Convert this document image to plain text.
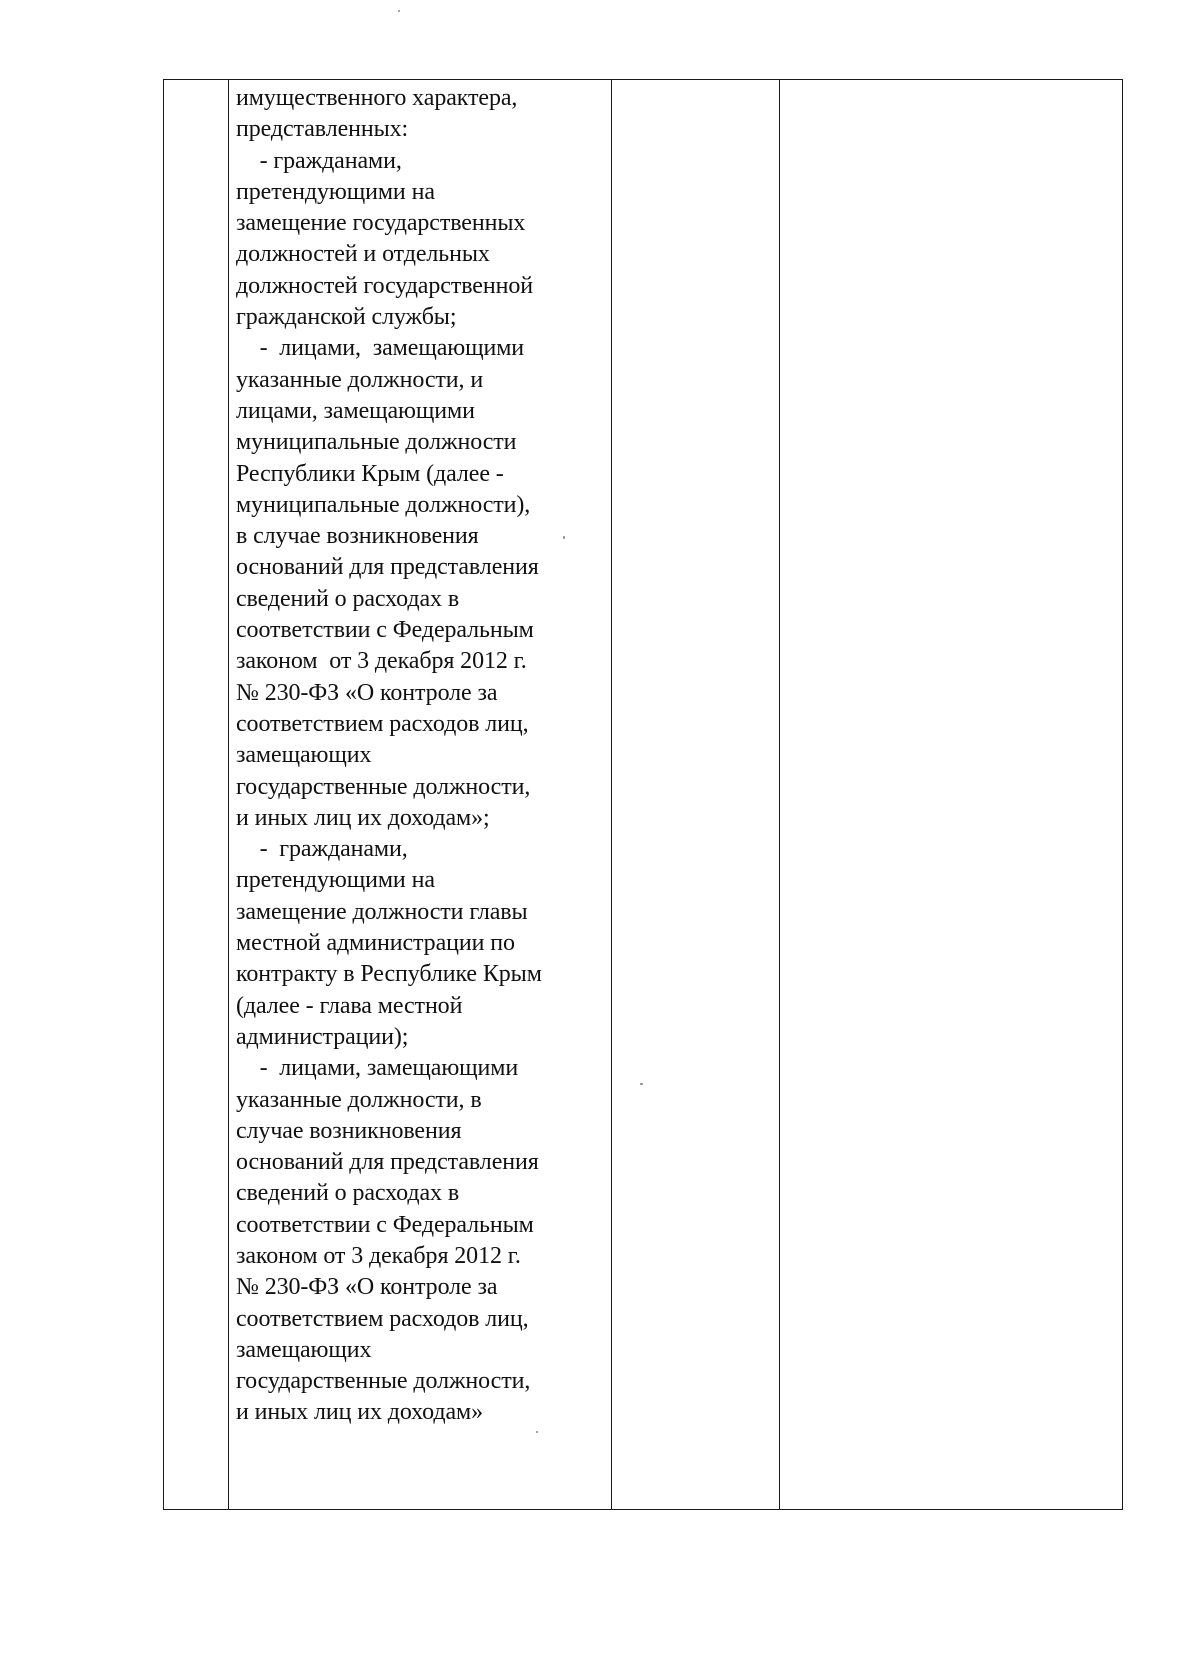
имущественного характера,
представленных:
- гражданами,
претендующими на
замещение государственных
должностей и отдельных
должностей государственной
гражданской службы;
-  лицами,  замещающими
указанные должности, и
лицами, замещающими
муниципальные должности
Республики Крым (далее -
муниципальные должности),
в случае возникновения
оснований для представления
сведений о расходах в
соответствии с Федеральным
законом  от 3 декабря 2012 г.
№ 230-ФЗ «О контроле за
соответствием расходов лиц,
замещающих
государственные должности,
и иных лиц их доходам»;
-  гражданами,
претендующими на
замещение должности главы
местной администрации по
контракту в Республике Крым
(далее - глава местной
администрации);
-  лицами, замещающими
указанные должности, в
случае возникновения
оснований для представления
сведений о расходах в
соответствии с Федеральным
законом от 3 декабря 2012 г.
№ 230-ФЗ «О контроле за
соответствием расходов лиц,
замещающих
государственные должности,
и иных лиц их доходам»
